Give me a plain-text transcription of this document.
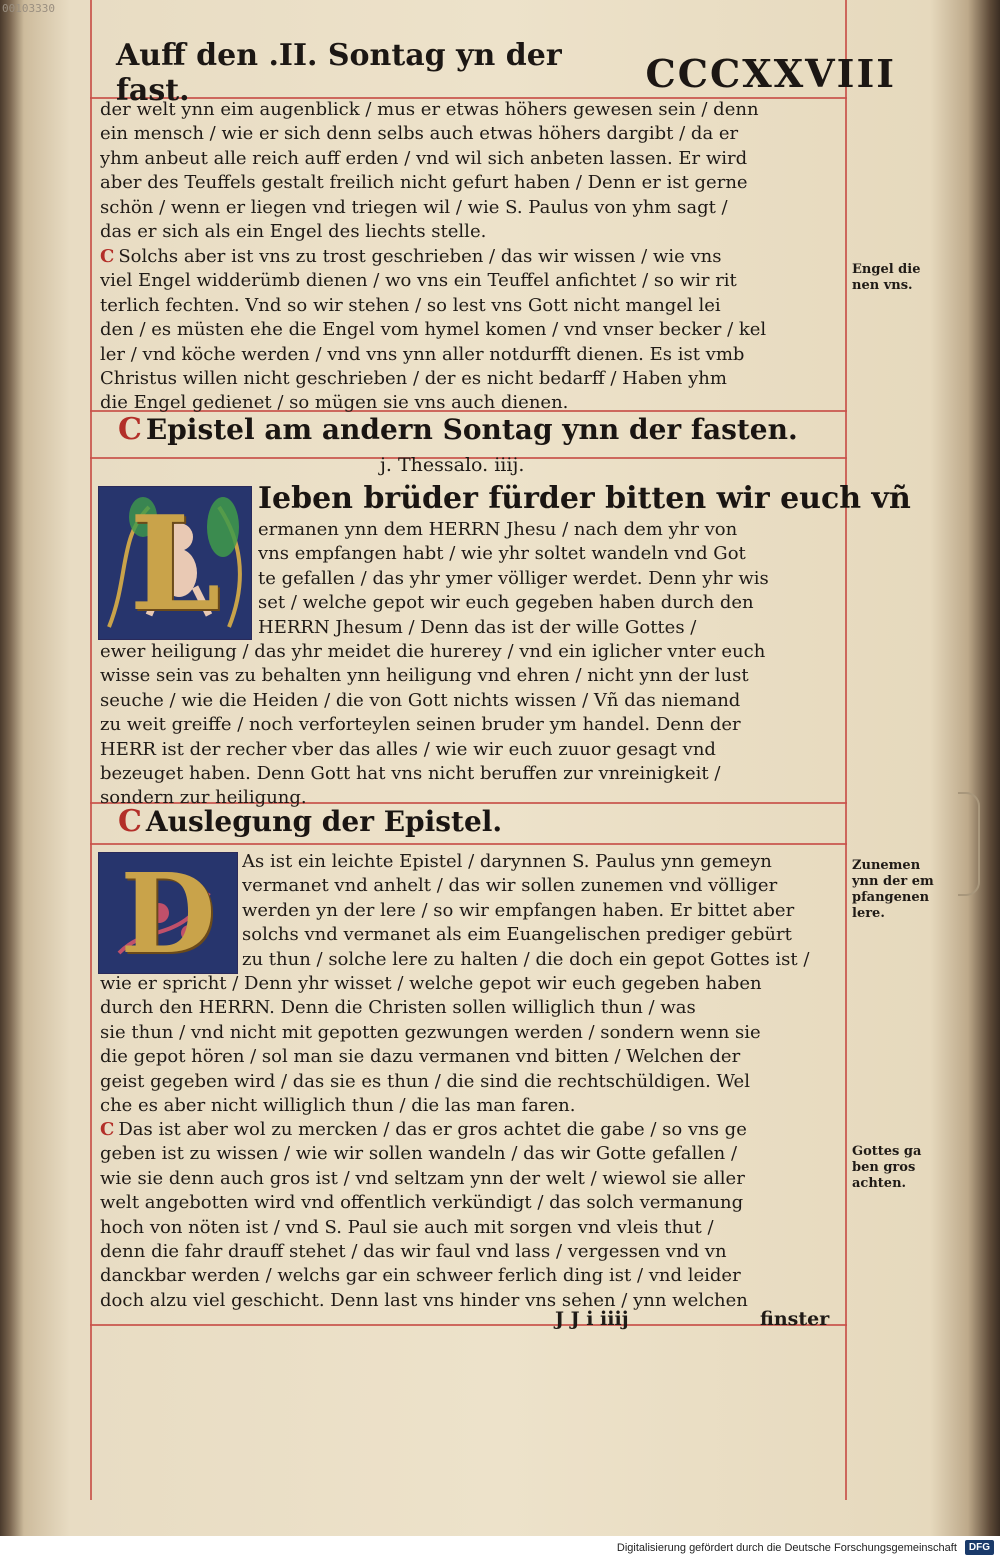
00103330
Auff den .II. Sontag yn der fast.	CCCXXVIII
der welt ynn eim augenblick / mus er etwas höhers gewesen sein / denn
ein mensch / wie er sich denn selbs auch etwas höhers dargibt / da er
yhm anbeut alle reich auff erden / vnd wil sich anbeten lassen. Er wird
aber des Teuffels gestalt freilich nicht gefurt haben / Denn er ist gerne
schön / wenn er liegen vnd triegen wil / wie S. Paulus von yhm sagt /
das er sich als ein Engel des liechts stelle.
C Solchs aber ist vns zu trost geschrieben / das wir wissen / wie vns
viel Engel widderümb dienen / wo vns ein Teuffel anfichtet / so wir rit
terlich fechten. Vnd so wir stehen / so lest vns Gott nicht mangel lei
den / es müsten ehe die Engel vom hymel komen / vnd vnser becker / kel
ler / vnd köche werden / vnd vns ynn aller notdurfft dienen. Es ist vmb
Christus willen nicht geschrieben / der es nicht bedarff / Haben yhm
die Engel gedienet / so mügen sie vns auch dienen.
C Epistel am andern Sontag ynn der fasten.
j. Thessalo. iiij.
L	Ieben brüder fürder bitten wir euch vñ
ermanen ynn dem HERRN Jhesu / nach dem yhr von
vns empfangen habt / wie yhr soltet wandeln vnd Got
te gefallen / das yhr ymer völliger werdet. Denn yhr wis
set / welche gepot wir euch gegeben haben durch den
HERRN Jhesum / Denn das ist der wille Gottes /
ewer heiligung / das yhr meidet die hurerey / vnd ein iglicher vnter euch
wisse sein vas zu behalten ynn heiligung vnd ehren / nicht ynn der lust
seuche / wie die Heiden / die von Gott nichts wissen / Vñ das niemand
zu weit greiffe / noch verforteylen seinen bruder ym handel. Denn der
HERR ist der recher vber das alles / wie wir euch zuuor gesagt vnd
bezeuget haben. Denn Gott hat vns nicht beruffen zur vnreinigkeit /
sondern zur heiligung.
C Auslegung der Epistel.
D	As ist ein leichte Epistel / darynnen S. Paulus ynn gemeyn
vermanet vnd anhelt / das wir sollen zunemen vnd völliger
werden yn der lere / so wir empfangen haben. Er bittet aber
solchs vnd vermanet als eim Euangelischen prediger gebürt
zu thun / solche lere zu halten / die doch ein gepot Gottes ist /
wie er spricht / Denn yhr wisset / welche gepot wir euch gegeben haben
durch den HERRN. Denn die Christen sollen williglich thun / was
sie thun / vnd nicht mit gepotten gezwungen werden / sondern wenn sie
die gepot hören / sol man sie dazu vermanen vnd bitten / Welchen der
geist gegeben wird / das sie es thun / die sind die rechtschüldigen. Wel
che es aber nicht williglich thun / die las man faren.
C Das ist aber wol zu mercken / das er gros achtet die gabe / so vns ge
geben ist zu wissen / wie wir sollen wandeln / das wir Gotte gefallen /
wie sie denn auch gros ist / vnd seltzam ynn der welt / wiewol sie aller
welt angebotten wird vnd offentlich verkündigt / das solch vermanung
hoch von nöten ist / vnd S. Paul sie auch mit sorgen vnd vleis thut /
denn die fahr drauff stehet / das wir faul vnd lass / vergessen vnd vn
danckbar werden / welchs gar ein schweer ferlich ding ist / vnd leider
doch alzu viel geschicht. Denn last vns hinder vns sehen / ynn welchen
Engel die
nen vns.
Zunemen
ynn der em
pfangenen
lere.
Gottes ga
ben gros
achten.
J J i iiij	finster
Digitalisierung gefördert durch die Deutsche Forschungsgemeinschaft	DFG
